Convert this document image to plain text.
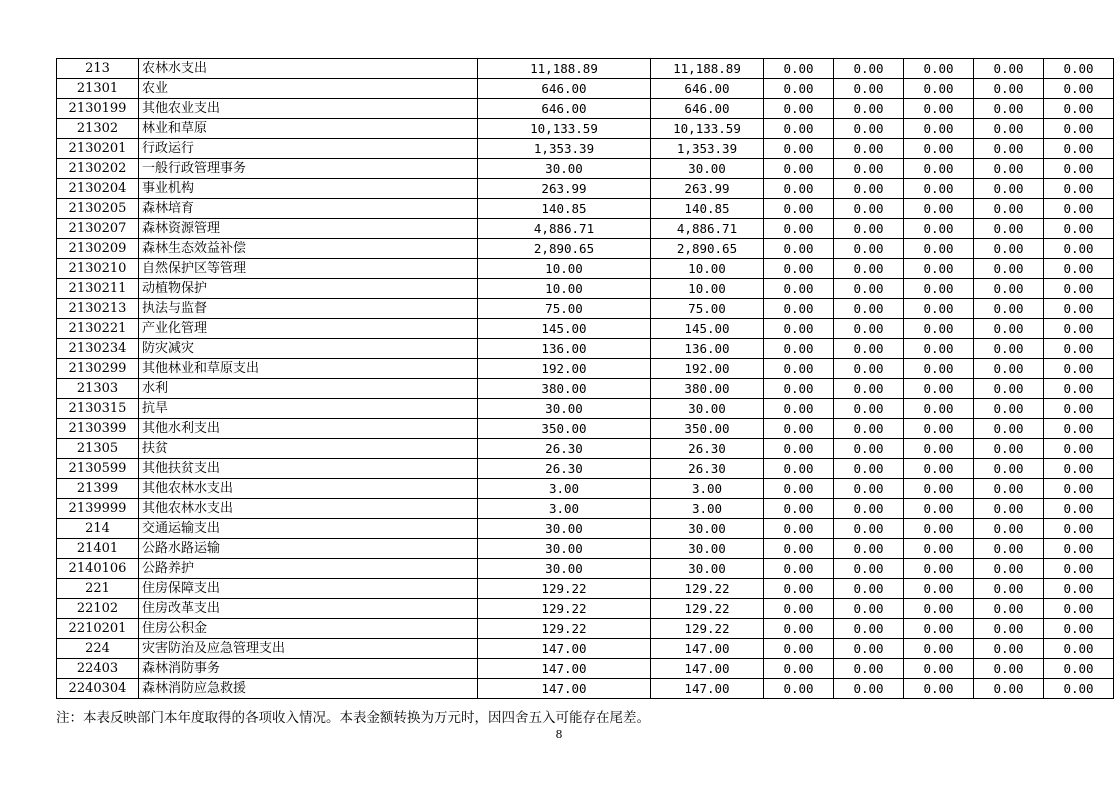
213	农林水支出	11,188.89	11,188.89	0.00	0.00	0.00	0.00	0.00
21301	农业	646.00	646.00	0.00	0.00	0.00	0.00	0.00
2130199	其他农业支出	646.00	646.00	0.00	0.00	0.00	0.00	0.00
21302	林业和草原	10,133.59	10,133.59	0.00	0.00	0.00	0.00	0.00
2130201	行政运行	1,353.39	1,353.39	0.00	0.00	0.00	0.00	0.00
2130202	一般行政管理事务	30.00	30.00	0.00	0.00	0.00	0.00	0.00
2130204	事业机构	263.99	263.99	0.00	0.00	0.00	0.00	0.00
2130205	森林培育	140.85	140.85	0.00	0.00	0.00	0.00	0.00
2130207	森林资源管理	4,886.71	4,886.71	0.00	0.00	0.00	0.00	0.00
2130209	森林生态效益补偿	2,890.65	2,890.65	0.00	0.00	0.00	0.00	0.00
2130210	自然保护区等管理	10.00	10.00	0.00	0.00	0.00	0.00	0.00
2130211	动植物保护	10.00	10.00	0.00	0.00	0.00	0.00	0.00
2130213	执法与监督	75.00	75.00	0.00	0.00	0.00	0.00	0.00
2130221	产业化管理	145.00	145.00	0.00	0.00	0.00	0.00	0.00
2130234	防灾减灾	136.00	136.00	0.00	0.00	0.00	0.00	0.00
2130299	其他林业和草原支出	192.00	192.00	0.00	0.00	0.00	0.00	0.00
21303	水利	380.00	380.00	0.00	0.00	0.00	0.00	0.00
2130315	抗旱	30.00	30.00	0.00	0.00	0.00	0.00	0.00
2130399	其他水利支出	350.00	350.00	0.00	0.00	0.00	0.00	0.00
21305	扶贫	26.30	26.30	0.00	0.00	0.00	0.00	0.00
2130599	其他扶贫支出	26.30	26.30	0.00	0.00	0.00	0.00	0.00
21399	其他农林水支出	3.00	3.00	0.00	0.00	0.00	0.00	0.00
2139999	其他农林水支出	3.00	3.00	0.00	0.00	0.00	0.00	0.00
214	交通运输支出	30.00	30.00	0.00	0.00	0.00	0.00	0.00
21401	公路水路运输	30.00	30.00	0.00	0.00	0.00	0.00	0.00
2140106	公路养护	30.00	30.00	0.00	0.00	0.00	0.00	0.00
221	住房保障支出	129.22	129.22	0.00	0.00	0.00	0.00	0.00
22102	住房改革支出	129.22	129.22	0.00	0.00	0.00	0.00	0.00
2210201	住房公积金	129.22	129.22	0.00	0.00	0.00	0.00	0.00
224	灾害防治及应急管理支出	147.00	147.00	0.00	0.00	0.00	0.00	0.00
22403	森林消防事务	147.00	147.00	0.00	0.00	0.00	0.00	0.00
2240304	森林消防应急救援	147.00	147.00	0.00	0.00	0.00	0.00	0.00
注：本表反映部门本年度取得的各项收入情况。本表金额转换为万元时，因四舍五入可能存在尾差。
8
